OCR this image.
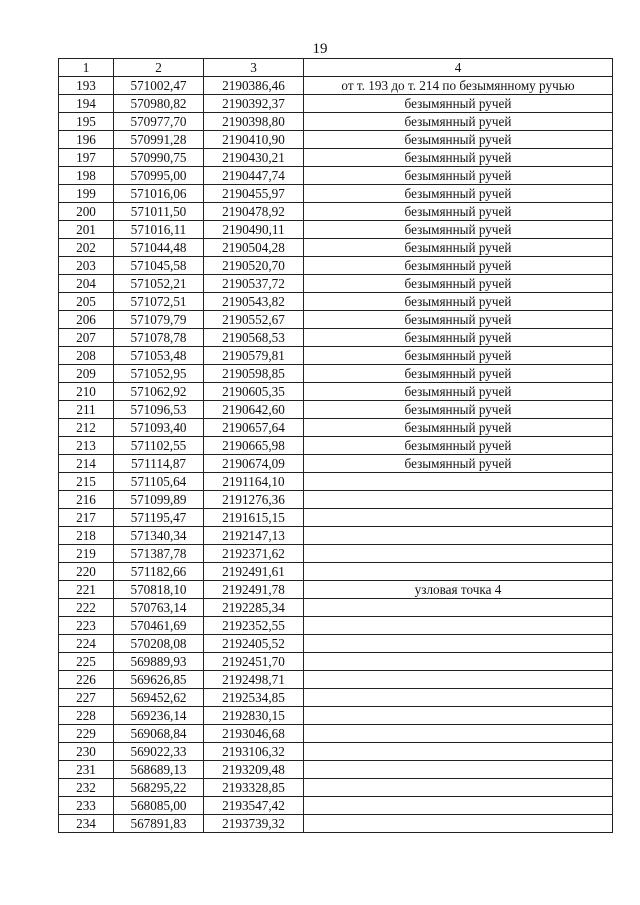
19
1	2	3	4
193	571002,47	2190386,46	от т. 193 до т. 214 по безымянному ручью
194	570980,82	2190392,37	безымянный ручей
195	570977,70	2190398,80	безымянный ручей
196	570991,28	2190410,90	безымянный ручей
197	570990,75	2190430,21	безымянный ручей
198	570995,00	2190447,74	безымянный ручей
199	571016,06	2190455,97	безымянный ручей
200	571011,50	2190478,92	безымянный ручей
201	571016,11	2190490,11	безымянный ручей
202	571044,48	2190504,28	безымянный ручей
203	571045,58	2190520,70	безымянный ручей
204	571052,21	2190537,72	безымянный ручей
205	571072,51	2190543,82	безымянный ручей
206	571079,79	2190552,67	безымянный ручей
207	571078,78	2190568,53	безымянный ручей
208	571053,48	2190579,81	безымянный ручей
209	571052,95	2190598,85	безымянный ручей
210	571062,92	2190605,35	безымянный ручей
211	571096,53	2190642,60	безымянный ручей
212	571093,40	2190657,64	безымянный ручей
213	571102,55	2190665,98	безымянный ручей
214	571114,87	2190674,09	безымянный ручей
215	571105,64	2191164,10	
216	571099,89	2191276,36	
217	571195,47	2191615,15	
218	571340,34	2192147,13	
219	571387,78	2192371,62	
220	571182,66	2192491,61	
221	570818,10	2192491,78	узловая точка 4
222	570763,14	2192285,34	
223	570461,69	2192352,55	
224	570208,08	2192405,52	
225	569889,93	2192451,70	
226	569626,85	2192498,71	
227	569452,62	2192534,85	
228	569236,14	2192830,15	
229	569068,84	2193046,68	
230	569022,33	2193106,32	
231	568689,13	2193209,48	
232	568295,22	2193328,85	
233	568085,00	2193547,42	
234	567891,83	2193739,32	
